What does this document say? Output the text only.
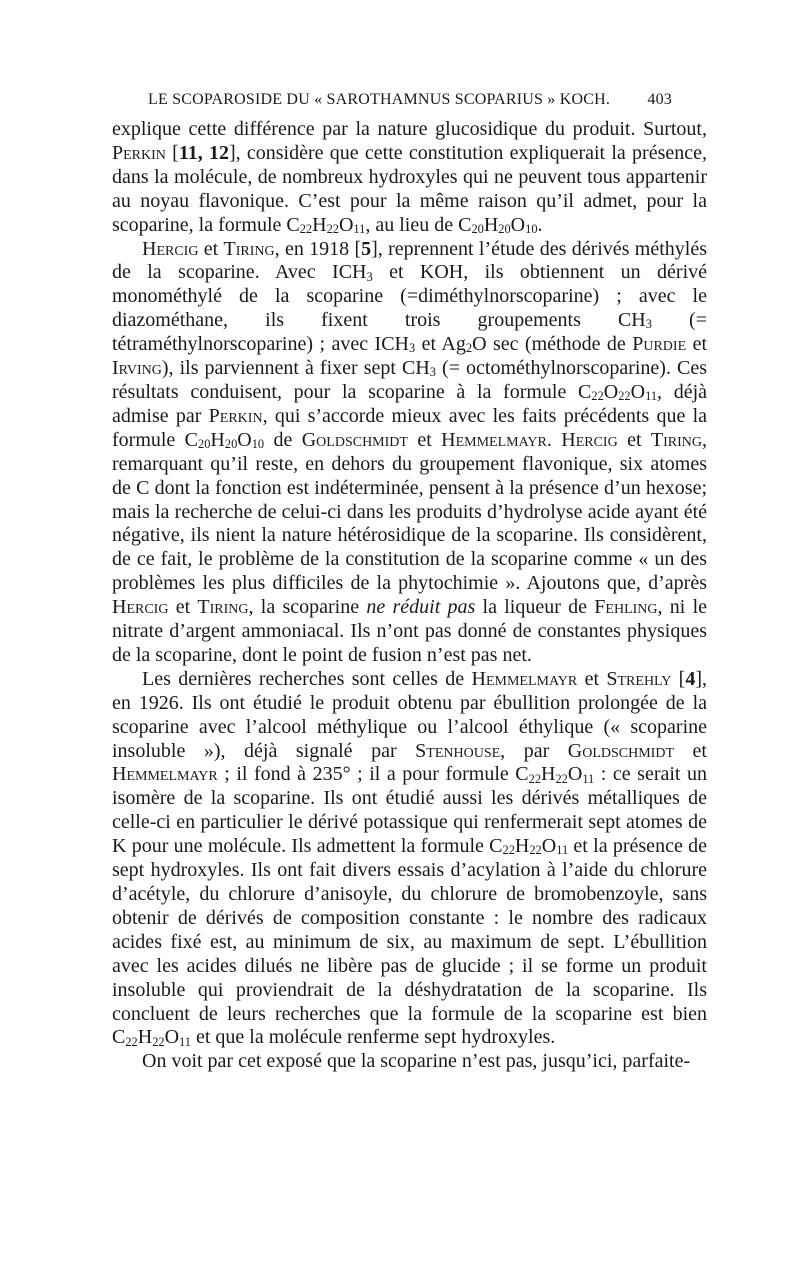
LE SCOPAROSIDE DU « SAROTHAMNUS SCOPARIUS » KOCH. 403

explique cette différence par la nature glucosidique du produit. Surtout, Perkin [11, 12], considère que cette constitution expliquerait la présence, dans la molécule, de nombreux hydroxyles qui ne peuvent tous appartenir au noyau flavonique. C’est pour la même raison qu’il admet, pour la scoparine, la formule $C_{22}H_{22}O_{11}$, au lieu de $C_{20}H_{20}O_{10}$.

Hercig et Tiring, en 1918 [5], reprennent l’étude des dérivés méthylés de la scoparine. Avec $ICH_3$ et KOH, ils obtiennent un dérivé monométhylé de la scoparine (=diméthylnorscoparine) ; avec le diazométhane, ils fixent trois groupements $CH_3$ (= tétraméthylnorscoparine) ; avec $ICH_3$ et $Ag_2O$ sec (méthode de Purdie et Irving), ils parviennent à fixer sept $CH_3$ (= octométhylnorscoparine). Ces résultats conduisent, pour la scoparine à la formule $C_{22}O_{22}O_{11}$, déjà admise par Perkin, qui s’accorde mieux avec les faits précédents que la formule $C_{20}H_{20}O_{10}$ de Goldschmidt et Hemmelmayr. Hercig et Tiring, remarquant qu’il reste, en dehors du groupement flavonique, six atomes de C dont la fonction est indéterminée, pensent à la présence d’un hexose; mais la recherche de celui-ci dans les produits d’hydrolyse acide ayant été négative, ils nient la nature hétérosidique de la scoparine. Ils considèrent, de ce fait, le problème de la constitution de la scoparine comme « un des problèmes les plus difficiles de la phytochimie ». Ajoutons que, d’après Hercig et Tiring, la scoparine ne réduit pas la liqueur de Fehling, ni le nitrate d’argent ammoniacal. Ils n’ont pas donné de constantes physiques de la scoparine, dont le point de fusion n’est pas net.

Les dernières recherches sont celles de Hemmelmayr et Strehly [4], en 1926. Ils ont étudié le produit obtenu par ébullition prolongée de la scoparine avec l’alcool méthylique ou l’alcool éthylique (« scoparine insoluble »), déjà signalé par Stenhouse, par Goldschmidt et Hemmelmayr ; il fond à 235° ; il a pour formule $C_{22}H_{22}O_{11}$ : ce serait un isomère de la scoparine. Ils ont étudié aussi les dérivés métalliques de celle-ci en particulier le dérivé potassique qui renfermerait sept atomes de K pour une molécule. Ils admettent la formule $C_{22}H_{22}O_{11}$ et la présence de sept hydroxyles. Ils ont fait divers essais d’acylation à l’aide du chlorure d’acétyle, du chlorure d’anisoyle, du chlorure de bromobenzoyle, sans obtenir de dérivés de composition constante : le nombre des radicaux acides fixé est, au minimum de six, au maximum de sept. L’ébullition avec les acides dilués ne libère pas de glucide ; il se forme un produit insoluble qui proviendrait de la déshydratation de la scoparine. Ils concluent de leurs recherches que la formule de la scoparine est bien $C_{22}H_{22}O_{11}$ et que la molécule renferme sept hydroxyles.

On voit par cet exposé que la scoparine n’est pas, jusqu’ici, parfaite-
